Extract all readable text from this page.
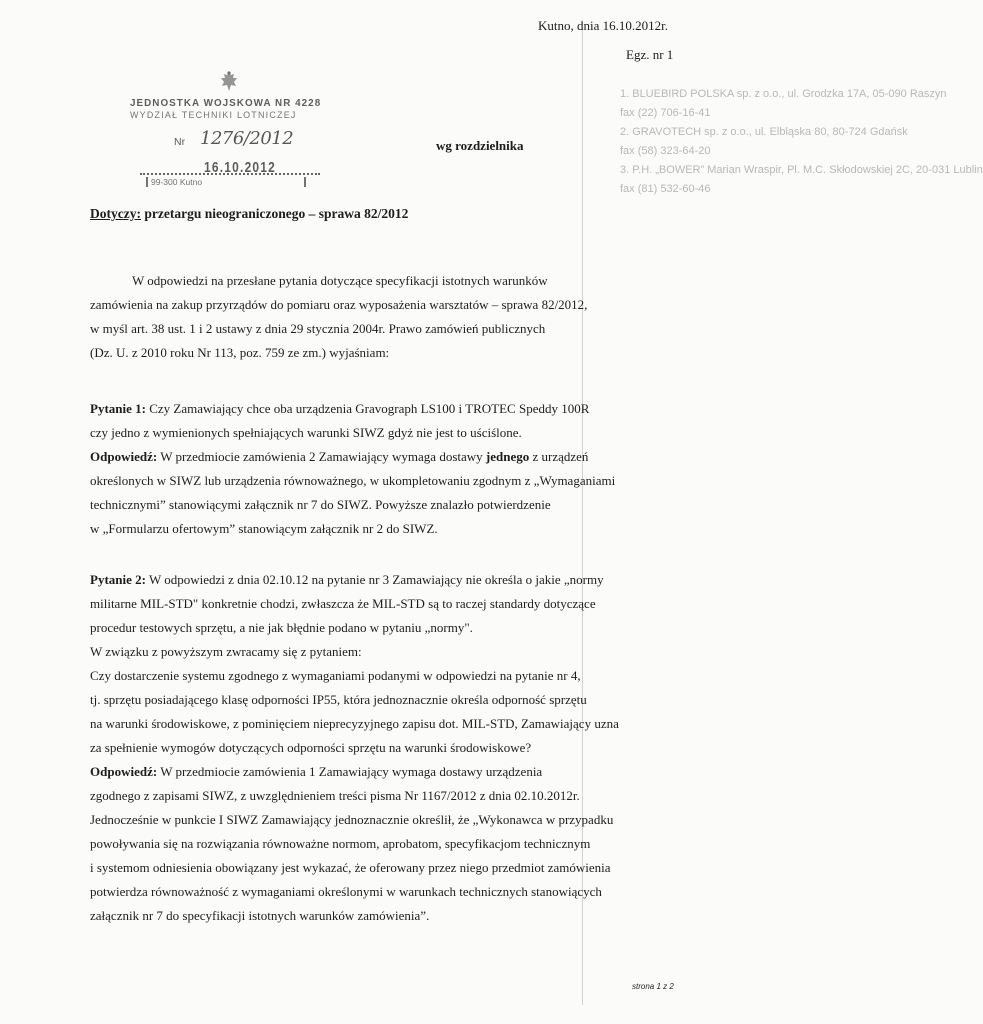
1. BLUEBIRD POLSKA sp. z o.o., ul. Grodzka 17A, 05-090 Raszyn
fax (22) 706-16-41
2. GRAVOTECH sp. z o.o., ul. Elbląska 80, 80-724 Gdańsk
fax (58) 323-64-20
3. P.H. „BOWER” Marian Wraspir, Pl. M.C. Skłodowskiej 2C, 20-031 Lublin
fax (81) 532-60-46
Kutno, dnia 16.10.2012r.
Egz. nr 1
JEDNOSTKA WOJSKOWA NR 4228
WYDZIAŁ TECHNIKI LOTNICZEJ
Nr 1276/2012
16.10.2012
99-300 Kutno
wg rozdzielnika
Dotyczy: przetargu nieograniczonego – sprawa 82/2012

W odpowiedzi na przesłane pytania dotyczące specyfikacji istotnych warunków

zamówienia na zakup przyrządów do pomiaru oraz wyposażenia warsztatów – sprawa 82/2012,

w myśl art. 38 ust. 1 i 2 ustawy z dnia 29 stycznia 2004r. Prawo zamówień publicznych

(Dz. U. z 2010 roku Nr 113, poz. 759 ze zm.) wyjaśniam:

Pytanie 1: Czy Zamawiający chce oba urządzenia Gravograph LS100 i TROTEC Speddy 100R

czy jedno z wymienionych spełniających warunki SIWZ gdyż nie jest to uściślone.

Odpowiedź: W przedmiocie zamówienia 2 Zamawiający wymaga dostawy jednego z urządzeń

określonych w SIWZ lub urządzenia równoważnego, w ukompletowaniu zgodnym z „Wymaganiami

technicznymi” stanowiącymi załącznik nr 7 do SIWZ. Powyższe znalazło potwierdzenie

w „Formularzu ofertowym” stanowiącym załącznik nr 2 do SIWZ.

Pytanie 2: W odpowiedzi z dnia 02.10.12 na pytanie nr 3 Zamawiający nie określa o jakie „normy

militarne MIL-STD" konkretnie chodzi, zwłaszcza że MIL-STD są to raczej standardy dotyczące

procedur testowych sprzętu, a nie jak błędnie podano w pytaniu „normy".

W związku z powyższym zwracamy się z pytaniem:

Czy dostarczenie systemu zgodnego z wymaganiami podanymi w odpowiedzi na pytanie nr 4,

tj. sprzętu posiadającego klasę odporności IP55, która jednoznacznie określa odporność sprzętu

na warunki środowiskowe, z pominięciem nieprecyzyjnego zapisu dot. MIL-STD, Zamawiający uzna

za spełnienie wymogów dotyczących odporności sprzętu na warunki środowiskowe?

Odpowiedź: W przedmiocie zamówienia 1 Zamawiający wymaga dostawy urządzenia

zgodnego z zapisami SIWZ, z uwzględnieniem treści pisma Nr 1167/2012 z dnia 02.10.2012r.

Jednocześnie w punkcie I SIWZ Zamawiający jednoznacznie określił, że „Wykonawca w przypadku

powoływania się na rozwiązania równoważne normom, aprobatom, specyfikacjom technicznym

i systemom odniesienia obowiązany jest wykazać, że oferowany przez niego przedmiot zamówienia

potwierdza równoważność z wymaganiami określonymi w warunkach technicznych stanowiących

załącznik nr 7 do specyfikacji istotnych warunków zamówienia”.

strona 1 z 2
